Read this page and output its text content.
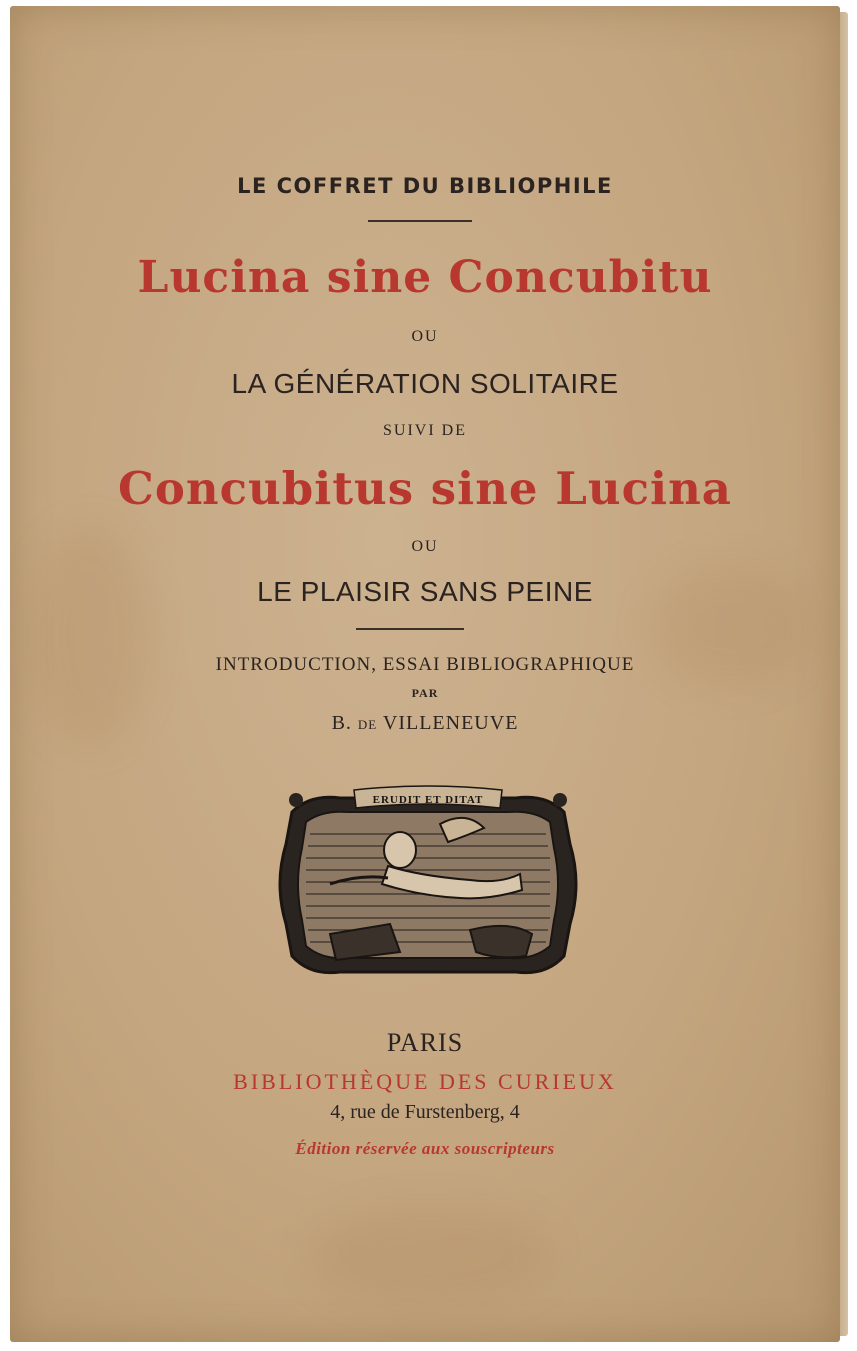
LE COFFRET DU BIBLIOPHILE

Lucina sine Concubitu

OU

LA GÉNÉRATION SOLITAIRE

SUIVI DE

Concubitus sine Lucina

OU

LE PLAISIR SANS PEINE

INTRODUCTION, ESSAI BIBLIOGRAPHIQUE

PAR

B. DE VILLENEUVE

ERUDIT ET DITAT

PARIS

BIBLIOTHÈQUE DES CURIEUX

4, rue de Furstenberg, 4

Édition réservée aux souscripteurs
